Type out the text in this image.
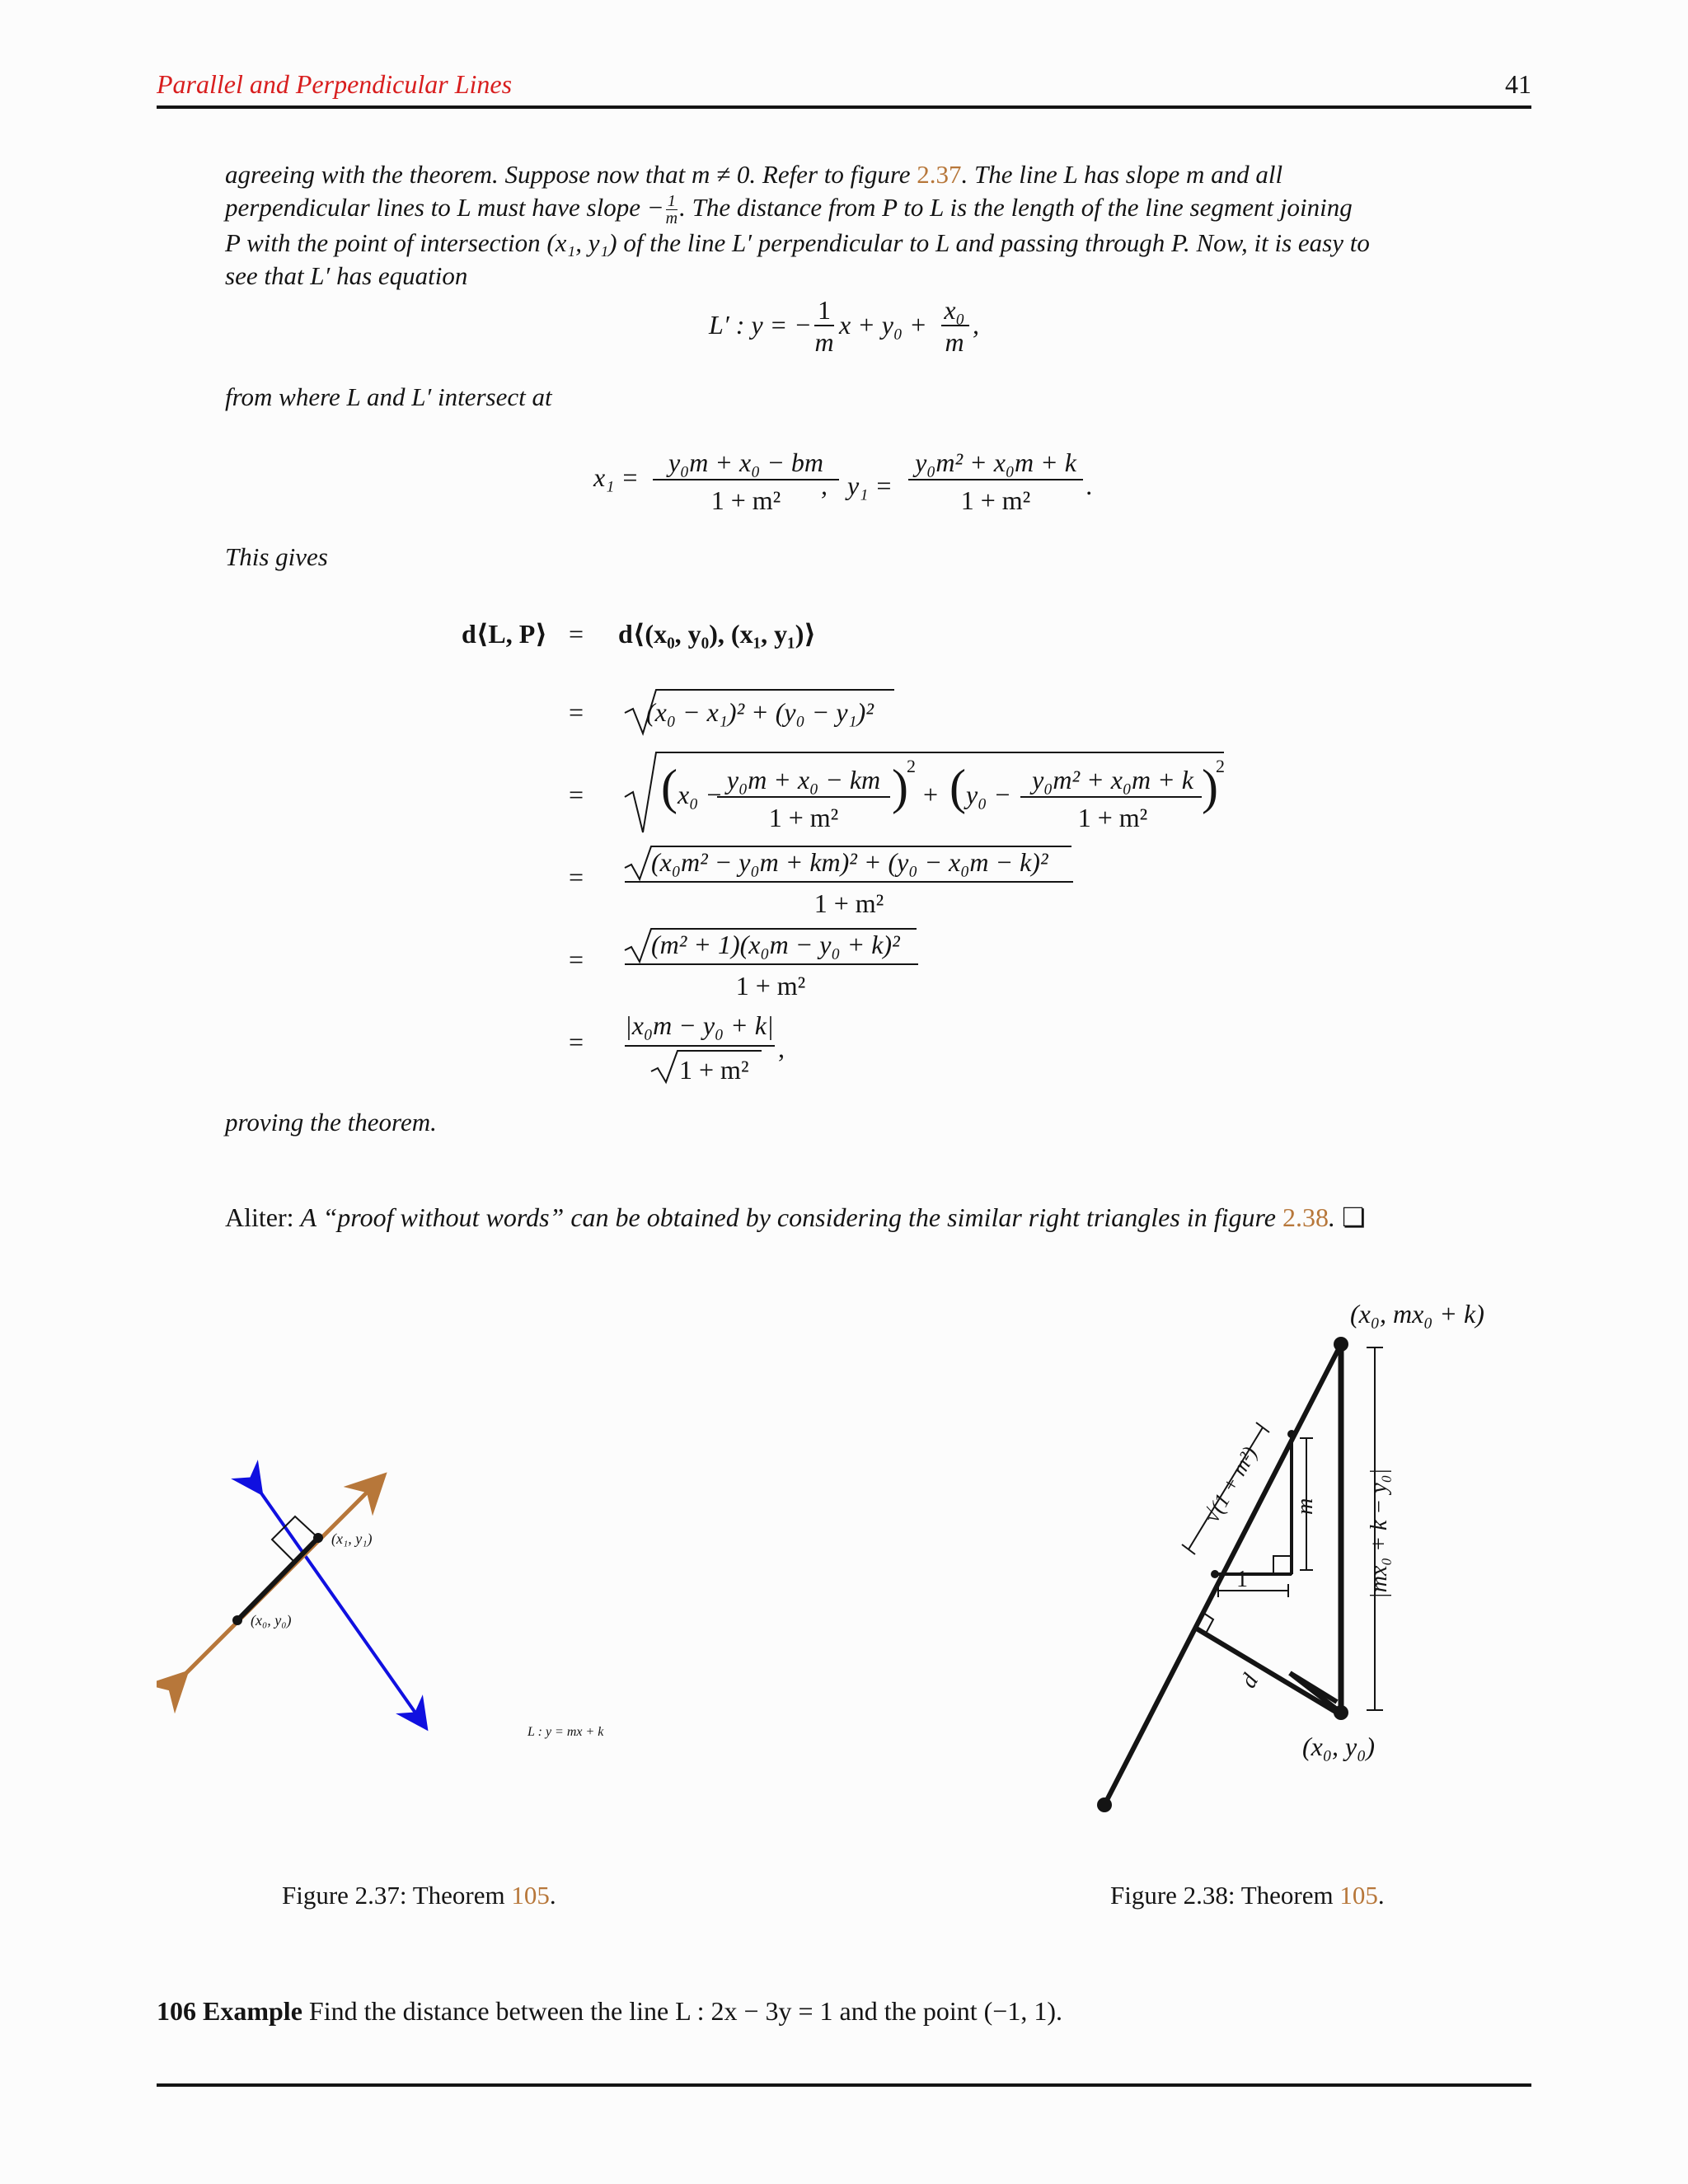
Parallel and Perpendicular Lines	41
agreeing with the theorem. Suppose now that m ≠ 0. Refer to figure 2.37. The line L has slope m and all
perpendicular lines to L must have slope − $\frac{1}{m}$ . The distance from P to L is the length of the line segment joining
P with the point of intersection (x₁, y₁) of the line L′ perpendicular to L and passing through P. Now, it is easy to
see that L′ has equation
L′ : y = − 1
m
x + y₀ + x₀
m
,
from where L and L′ intersect at
x₁ = y₀m + x₀ − bm
1 + m² , y₁ =
y₀m² + x₀m + k
1 + m² .
This gives
d⟨L, P⟩ = d⟨(x₀, y₀), (x₁, y₁)⟩
= (x₀ − x₁)² + (y₀ − y₁)²
= ( x₀ − y₀m + x₀ − km
1 + m²
)
2
+ ( y₀ − y₀m² + x₀m + k
1 + m²
)
2
=	(x₀m² − y₀m + km)² + (y₀ − x₀m − k)²
1 + m²
=	(m² + 1)(x₀m − y₀ + k)²
1 + m²
=
|x₀m − y₀ + k|
1 + m²
,
proving the theorem.
Aliter: A “proof without words” can be obtained by considering the similar right triangles in figure 2.38. ❏
(x₁, y₁)
(x₀, y₀)
L : y = mx + k
Figure 2.37: Theorem 105.
(x₀, mx₀ + k)
(x₀, y₀)
1
m
d
|mx₀ + k − y₀|
√(1 + m²)
Figure 2.38: Theorem 105.
106 Example Find the distance between the line L : 2x − 3y = 1 and the point (−1, 1).
